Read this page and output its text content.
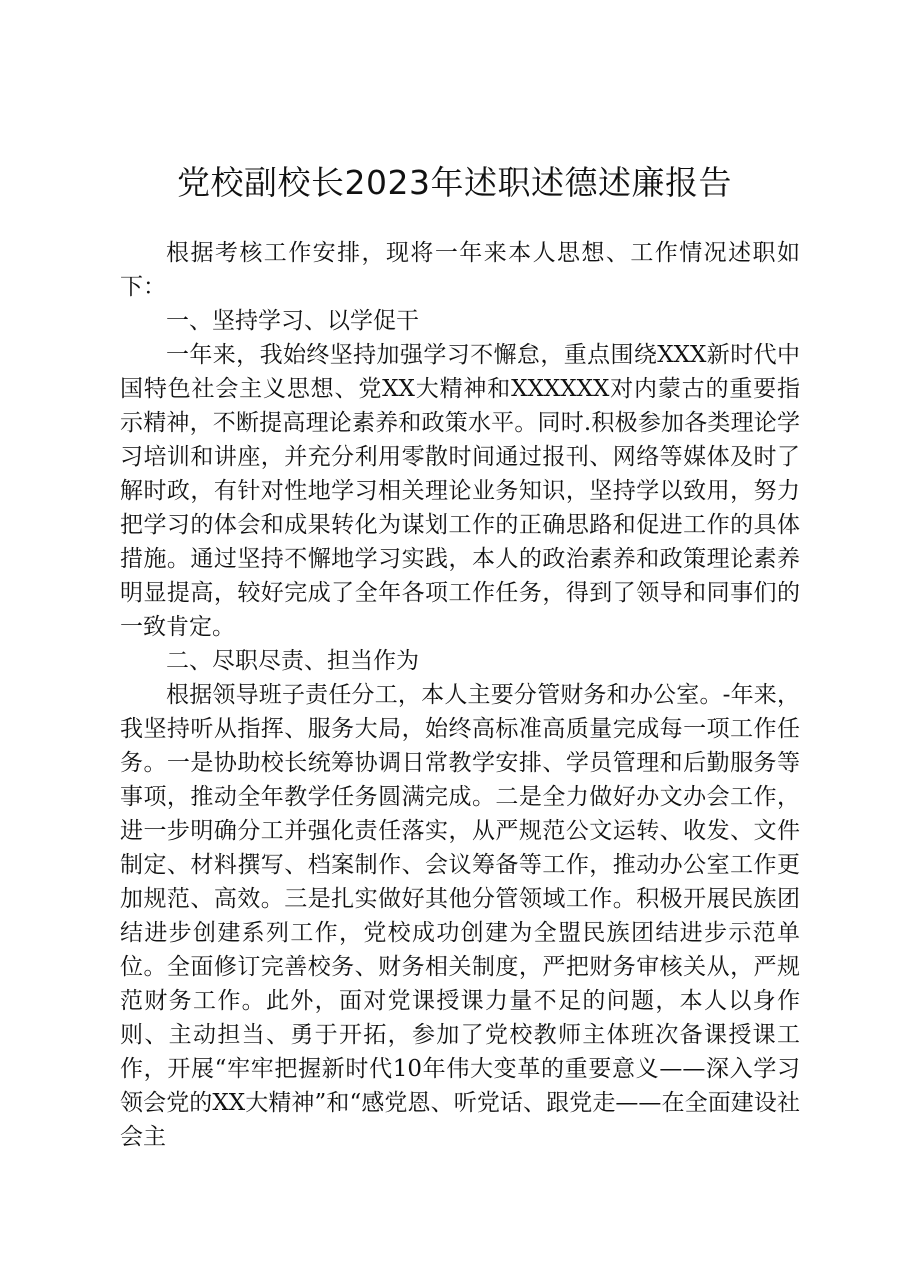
党校副校长2023年述职述德述廉报告

根据考核工作安排，现将一年来本人思想、工作情况述职如下：

一、坚持学习、以学促干

一年来，我始终坚持加强学习不懈怠，重点围绕XXX新时代中国特色社会主义思想、党XX大精神和XXXXXX对内蒙古的重要指示精神，不断提高理论素养和政策水平。同时.积极参加各类理论学习培训和讲座，并充分利用零散时间通过报刊、网络等媒体及时了解时政，有针对性地学习相关理论业务知识，坚持学以致用，努力把学习的体会和成果转化为谋划工作的正确思路和促进工作的具体措施。通过坚持不懈地学习实践，本人的政治素养和政策理论素养明显提高，较好完成了全年各项工作任务，得到了领导和同事们的一致肯定。

二、尽职尽责、担当作为

根据领导班子责任分工，本人主要分管财务和办公室。-年来，我坚持听从指挥、服务大局，始终高标准高质量完成每一项工作任务。一是协助校长统筹协调日常教学安排、学员管理和后勤服务等事项，推动全年教学任务圆满完成。二是全力做好办文办会工作，进一步明确分工并强化责任落实，从严规范公文运转、收发、文件制定、材料撰写、档案制作、会议筹备等工作，推动办公室工作更加规范、高效。三是扎实做好其他分管领域工作。积极开展民族团结进步创建系列工作，党校成功创建为全盟民族团结进步示范单位。全面修订完善校务、财务相关制度，严把财务审核关从，严规范财务工作。此外，面对党课授课力量不足的问题，本人以身作则、主动担当、勇于开拓，参加了党校教师主体班次备课授课工作，开展“牢牢把握新时代10年伟大变革的重要意义——深入学习领会党的XX大精神”和“感党恩、听党话、跟党走——在全面建设社会主
